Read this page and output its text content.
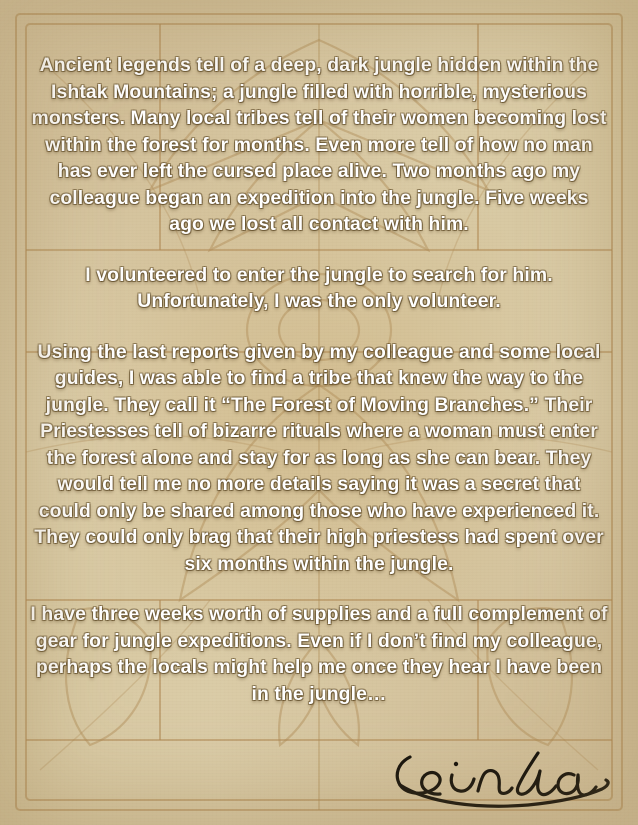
Ancient legends tell of a deep, dark jungle hidden within the Ishtak Mountains; a jungle filled with horrible, mysterious monsters. Many local tribes tell of their women becoming lost within the forest for months. Even more tell of how no man has ever left the cursed place alive. Two months ago my colleague began an expedition into the jungle. Five weeks ago we lost all contact with him.

I volunteered to enter the jungle to search for him. Unfortunately, I was the only volunteer.

Using the last reports given by my colleague and some local guides, I was able to find a tribe that knew the way to the jungle. They call it “The Forest of Moving Branches.” Their Priestesses tell of bizarre rituals where a woman must enter the forest alone and stay for as long as she can bear. They would tell me no more details saying it was a secret that could only be shared among those who have experienced it. They could only brag that their high priestess had spent over six months within the jungle.

I have three weeks worth of supplies and a full complement of gear for jungle expeditions. Even if I don’t find my colleague, perhaps the locals might help me once they hear I have been in the jungle…
